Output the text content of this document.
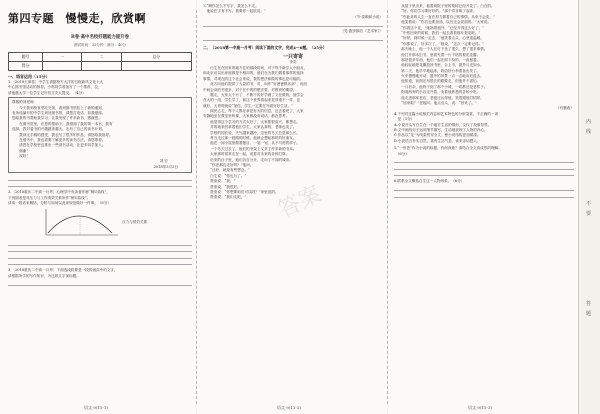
第四专题　慢慢走，欣赏啊
B卷·高中名校好题能力提升卷
测试时间：35分钟　满分：40分
题号	一	二	总分
得分			
一、语言运用（15分）
1.〔2018天津卷〕中学生请据校方大洋的日报新风文化十大
中心图书馆活动的推荐。小郭同学准备写了一个推荐，拉，
请他邀大学一位学生记写信文友人提交。（4分）
尊敬的刘老师：
　　今天我到校食堂吃完饭，看到图书馆挂上了新的通知，
有所选编号的中学生到处图书馆，请您打电话，如我借阅。
您给我的书帮助我学习，让我发现了许多新书，感谢您。
　　在图书馆里，在您的帮助下，我借阅了我的第一本书，我有
选择，我对看书的兴趣越来越大，也有了自己的读书计划。
　　我读完手稿的感受，我也写了很多的作品，请您给我指导。
　　在借书中，我也需要了解更多的读书方法，请您推荐。
　　请您在学校里也推出一些读书活动，让更多同学加入。
　　谢谢！
　　祝好！
刘 宏
2018年5月3日
2.〔2018重庆二中高一月考〕心理学中有条著作称“倒U曲线”，
下列图表是对压力与工作绩效关系所作“倒U曲线”。
请用一段话来概括，分析与如何以此来规范做好一件事。（6分）
压力与绩效关系
3.〔2018重庆二中高一月考〕下面选段将要是一段的画页中的文字，
请根据所学的写作知识，为这段文字加标题。
语文·9(11-1)
④“啊你怎么不写字，我怎么不走。
　他说在字有不写。我要你一起欣赏。”
（节·泰顺和小说）
（见·跑步摘自《艺术家》）
二、〔2018第一中高一月考〕阅读下面的文字，完成4～6题。（25分）
一只寄寄
李奕
　　白生在在回家的地方住的那段时间，对于每个新学人小朋友，
和北京可以出家庭都是不相同的。他们在为我们做着那样的选择
事情，对现在的这个社会来说，我的想法和做的事也是可能的。
　　北方向他们提供了大量的书，对，叫作“好爸爸俱乐部”，他们
中间会读的书很多，对于在中的的想法要，对教育的期望。
　　刚走，大家大个行了，不断不的好学做了又在做的，他学会
在大的一组，学生学了，和这个世界看起来显得很不一样，也
就好，大哥哥就说“加你，学生一定要在外面好好生活。”
　　顾民乙走，每个人都在拿是有大的信息，还去看吧了，大家
安静地坐在教室里听课，大家都没有说话，都在思考。
　　他觉得这个学习的方式太好了，大家都很高兴，都想走。
　　对的地来回拿着他们学生，大家认真的，老师也笑了。
　　学校的园长说，天气越来越冷，这里的冬天总是那么长。
　　每当走过那一段路的时候，他就会想起那时的好朋友。
　　他在一间小屋里做着题目，一笔一划，从不马虎的样子。
　　一个冬天过去了，他们的书架上又多了许多新的书本。
　　大家那时常常走在一起，说着对未来的各种打算。
　　后来的日子里，他们各自分开，走向了不同的城市。
　　“你在那边还好吗？”他问。
　　“还好，就是有些想念。”
　　白生说：“你也行了。”
　　贾奎说：“我。”
　　贾奎说：“我很好。”
　　贾奎说：“你想要咱们可以吗？”家里说的。
　　贾奎说：“我们走吧。”	答案
语文·9(11-2)
　　从屋子里出来，他看到院子里的梨树已经开花了，白白的。
　　“好，你们学习要好好的，”那个声音响了起来。
　　“你此来的人生一直在努力做着自己的事情，从来不会变。”
　　他笑着说：“你们也要加油，以后还会见面的。”大家说。
　　“你看这个花，”她指着窗外，“已经开得这么好了。”
　　“中你回来的时候，我们一起去看看那片梨花吧。”
　　“好呀，到时候一定去，”他笑着点头，心里很温暖。
　　“你都说了，好多次了，”她说，“这次一定要记得。”
　　那天晚上，他一个人在灯下坐了很久，想了很多事情。
　　他打开那本旧书，里面夹着一片干枯的梨花花瓣。
　　那是很多年前，他们一起在树下捡的，一直留着。
　　他轻轻地把花瓣放回书里，合上书，窗外月光如水。
　　第二天，他早早地起床，收拾好行李准备出发了。
　　火车慢慢地开动，窗外的风景一点一点地向后退去。
　　他知道，前面还有很长的路要走，但他并不害怕。
　　一月有余，他终于到了那个小城，一切都还是老样子。
　　街道两旁的小店还开着，卖着他熟悉的各种小吃。
　　他走进那家老店，老板还认得他，笑着跟他打招呼。
　　“回来啦？”老板问。他点点头，说：“回来了。”
（有删改）
4.下列对这篇小说相关内容和艺术特色的分析鉴赏，不正确的一项
　是（3分）
A.小说开头写白生在一个地方生活的情形，交代了故事背景。
B.文中画线句子运用细节描写，生动地表现了人物的内心。
C.作品以“花”为线索贯穿全文，使小说结构更加紧凑。
D.小说语言朴实自然，富有生活气息，读来亲切感人。
5.“一份荟”作为小说的标题，有何深意？请结合全文谈谈你的理解。
　（6分）
6.联系全文概括白生这一人物形象。（6分）
语文·9(11-3)
内
线
不
要
答
题
